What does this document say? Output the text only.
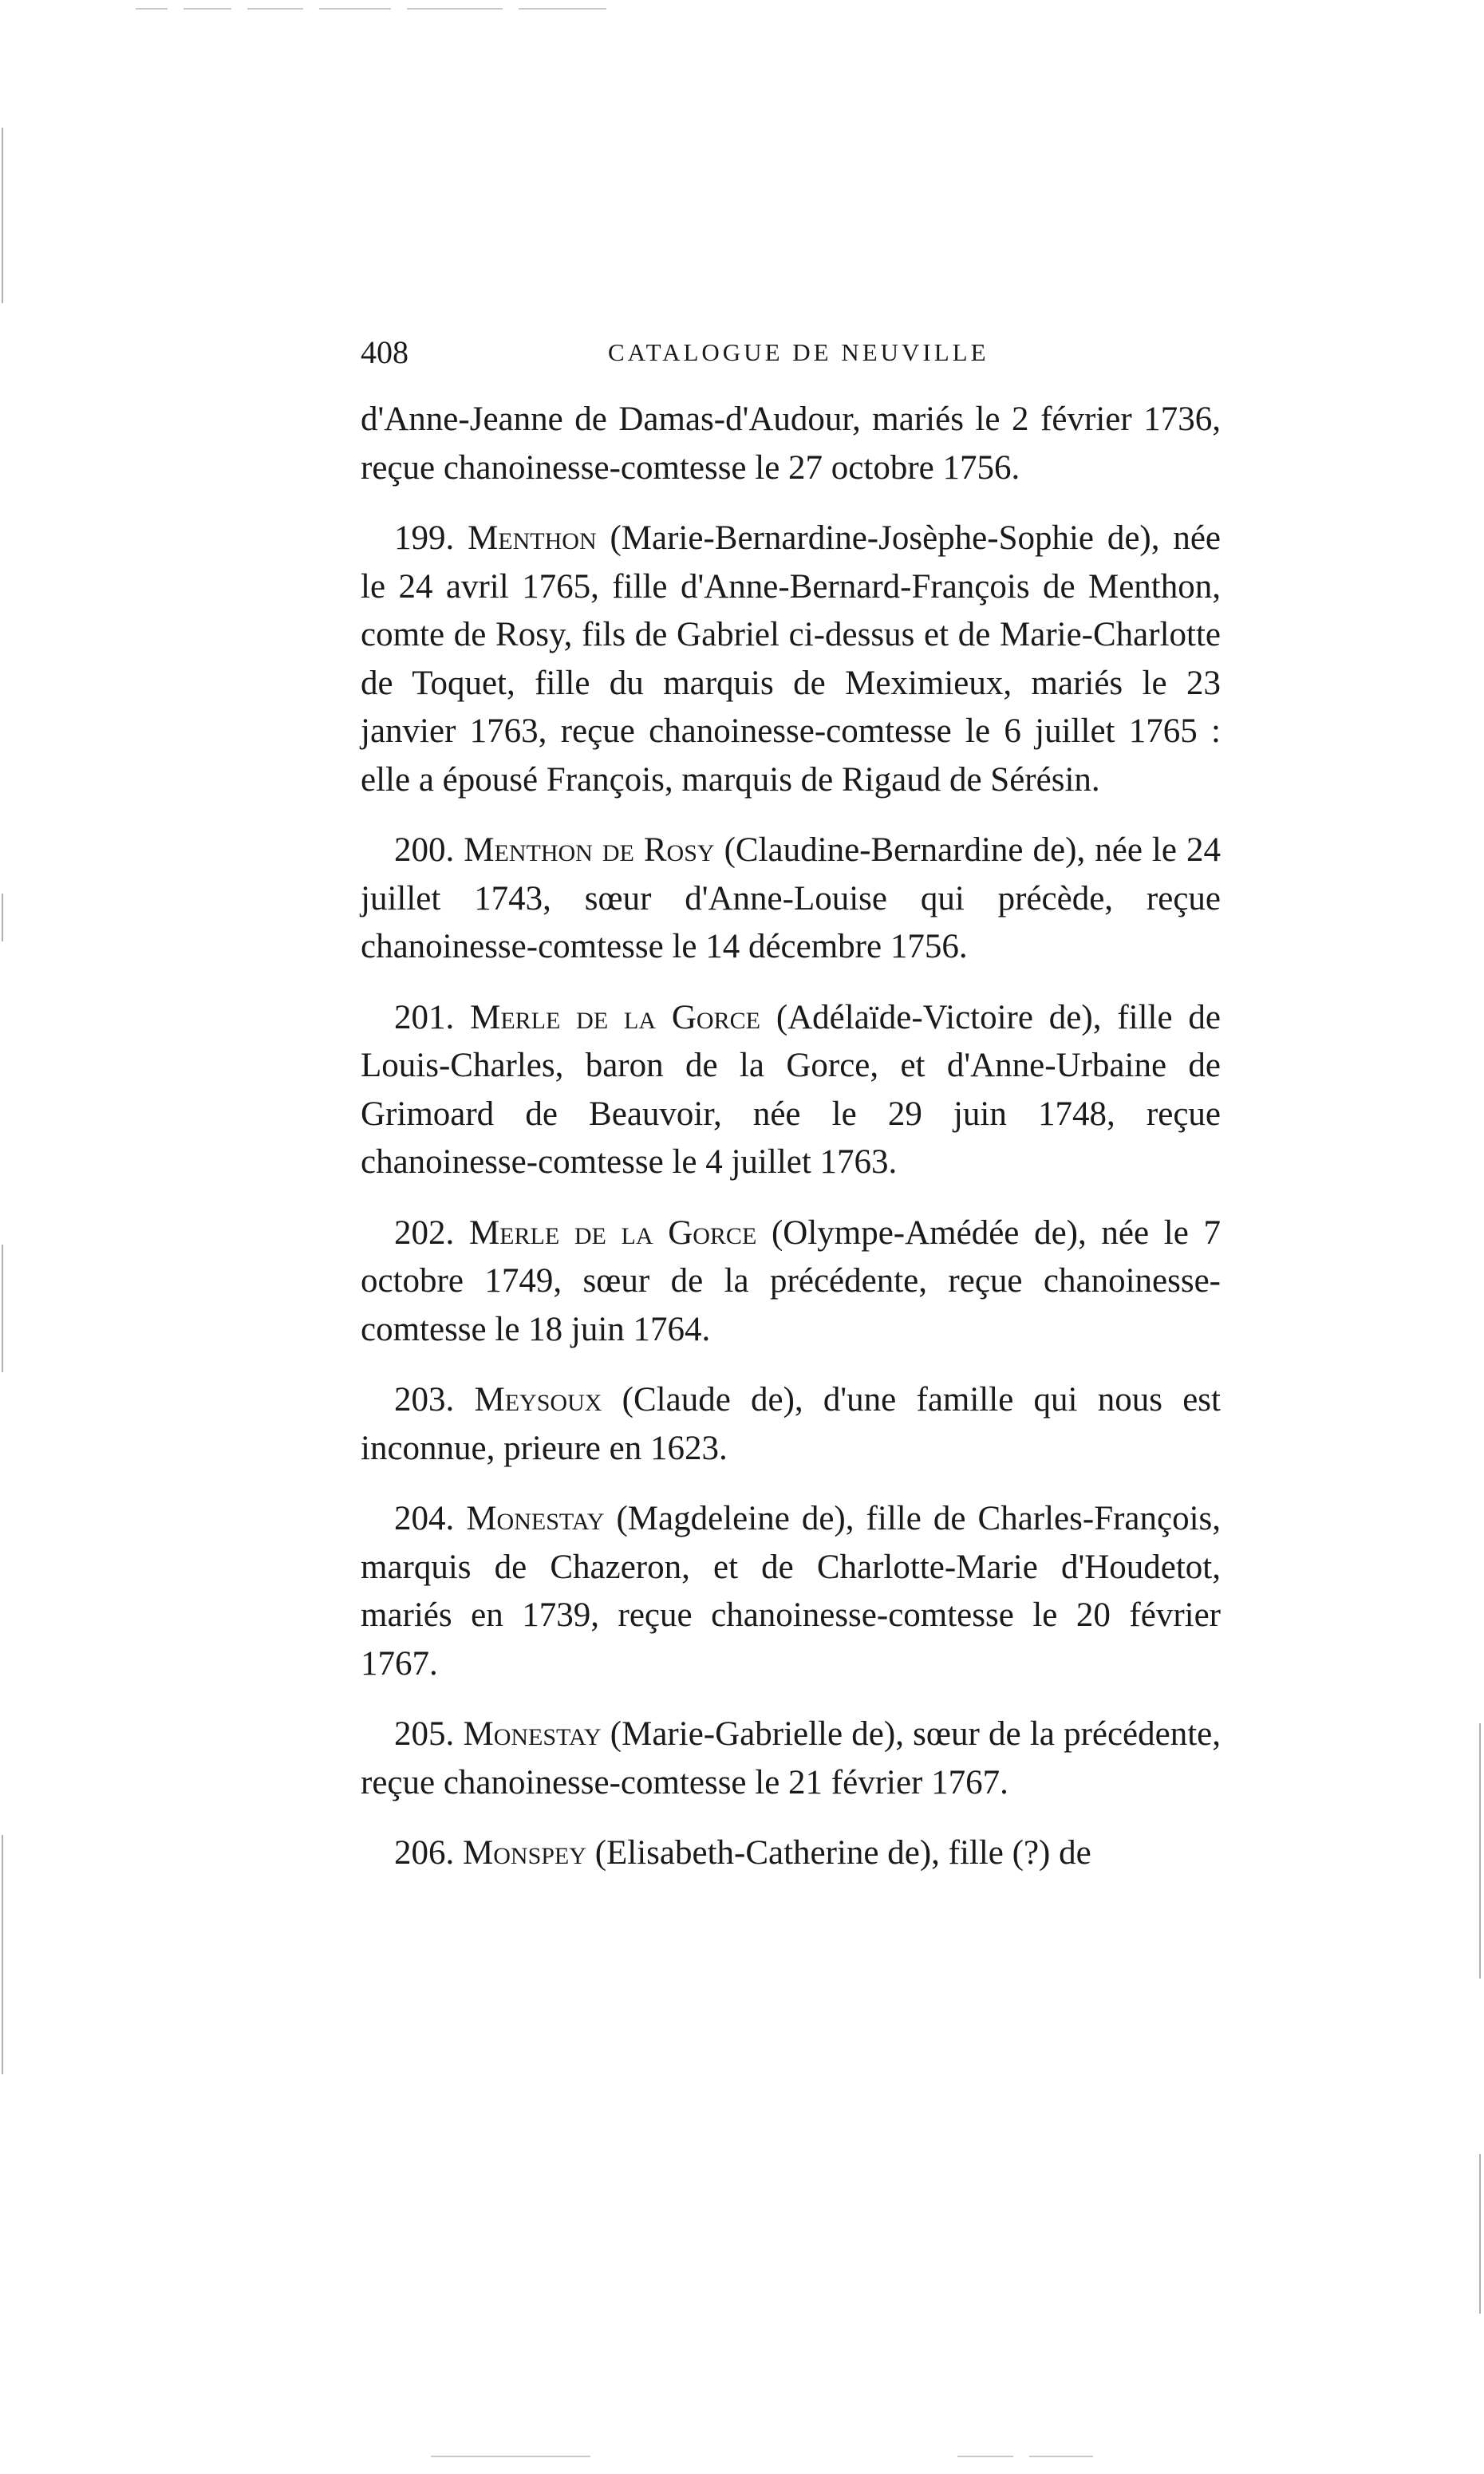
408	CATALOGUE DE NEUVILLE

d'Anne-Jeanne de Damas-d'Audour, mariés le 2 février 1736, reçue chanoinesse-comtesse le 27 octobre 1756.

199. Menthon (Marie-Bernardine-Josèphe-Sophie de), née le 24 avril 1765, fille d'Anne-Bernard-François de Menthon, comte de Rosy, fils de Gabriel ci-dessus et de Marie-Charlotte de Toquet, fille du marquis de Meximieux, mariés le 23 janvier 1763, reçue chanoinesse-comtesse le 6 juillet 1765 : elle a épousé François, marquis de Rigaud de Sérésin.

200. Menthon de Rosy (Claudine-Bernardine de), née le 24 juillet 1743, sœur d'Anne-Louise qui précède, reçue chanoinesse-comtesse le 14 décembre 1756.

201. Merle de la Gorce (Adélaïde-Victoire de), fille de Louis-Charles, baron de la Gorce, et d'Anne-Urbaine de Grimoard de Beauvoir, née le 29 juin 1748, reçue chanoinesse-comtesse le 4 juillet 1763.

202. Merle de la Gorce (Olympe-Amédée de), née le 7 octobre 1749, sœur de la précédente, reçue chanoinesse-comtesse le 18 juin 1764.

203. Meysoux (Claude de), d'une famille qui nous est inconnue, prieure en 1623.

204. Monestay (Magdeleine de), fille de Charles-François, marquis de Chazeron, et de Charlotte-Marie d'Houdetot, mariés en 1739, reçue chanoinesse-comtesse le 20 février 1767.

205. Monestay (Marie-Gabrielle de), sœur de la précédente, reçue chanoinesse-comtesse le 21 février 1767.

206. Monspey (Elisabeth-Catherine de), fille (?) de
